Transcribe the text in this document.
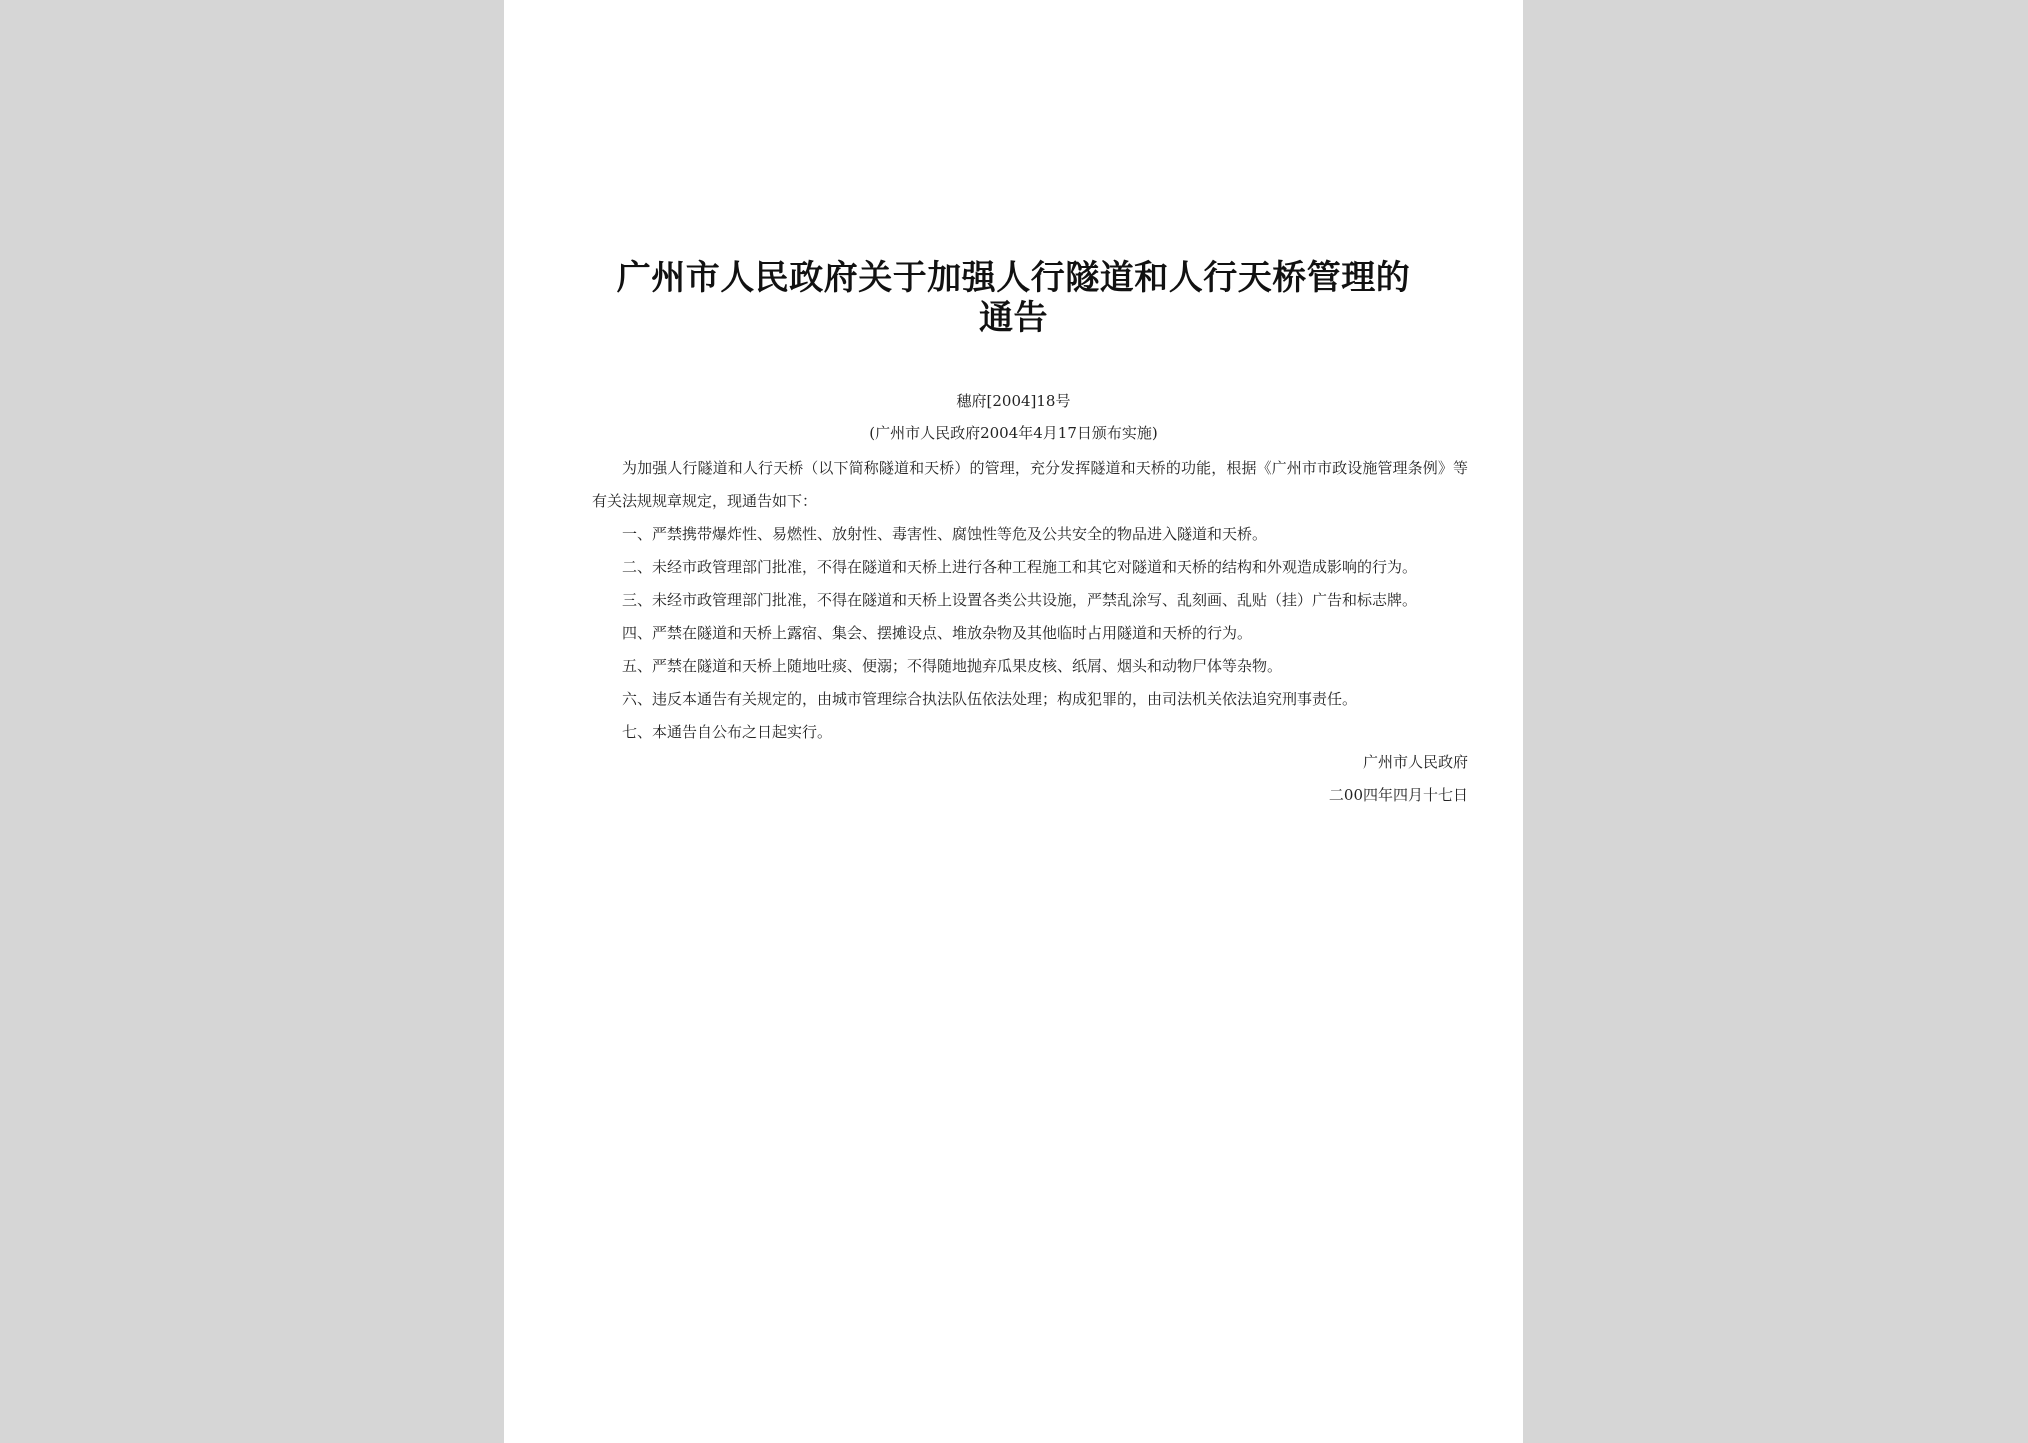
广州市人民政府关于加强人行隧道和人行天桥管理的
通告
穗府[2004]18号
(广州市人民政府2004年4月17日颁布实施)

为加强人行隧道和人行天桥（以下简称隧道和天桥）的管理，充分发挥隧道和天桥的功能，根据《广州市市政设施管理条例》等有关法规规章规定，现通告如下：

一、严禁携带爆炸性、易燃性、放射性、毒害性、腐蚀性等危及公共安全的物品进入隧道和天桥。

二、未经市政管理部门批准，不得在隧道和天桥上进行各种工程施工和其它对隧道和天桥的结构和外观造成影响的行为。

三、未经市政管理部门批准，不得在隧道和天桥上设置各类公共设施，严禁乱涂写、乱刻画、乱贴（挂）广告和标志牌。

四、严禁在隧道和天桥上露宿、集会、摆摊设点、堆放杂物及其他临时占用隧道和天桥的行为。

五、严禁在隧道和天桥上随地吐痰、便溺；不得随地抛弃瓜果皮核、纸屑、烟头和动物尸体等杂物。

六、违反本通告有关规定的，由城市管理综合执法队伍依法处理；构成犯罪的，由司法机关依法追究刑事责任。

七、本通告自公布之日起实行。

广州市人民政府
二00四年四月十七日
